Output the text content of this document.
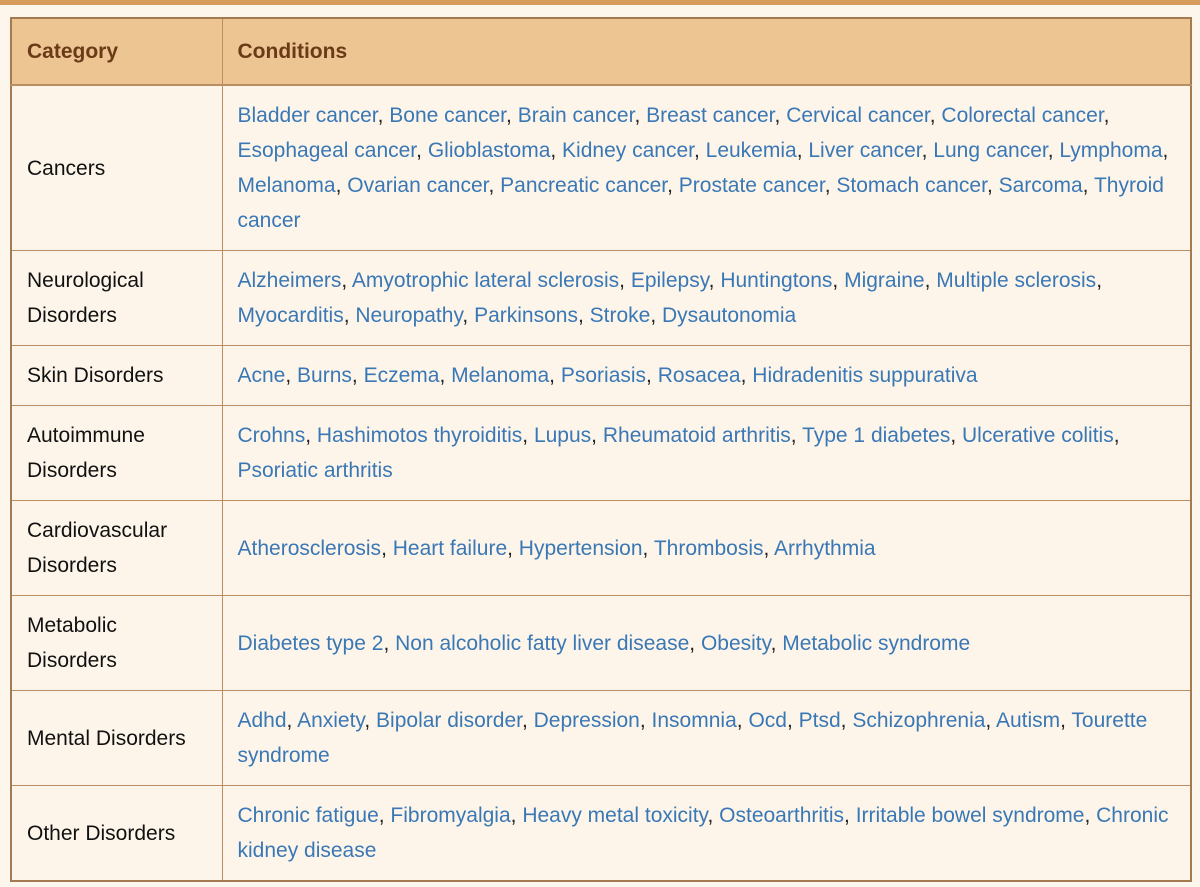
Category	Conditions
Cancers	Bladder cancer, Bone cancer, Brain cancer, Breast cancer, Cervical cancer, Colorectal cancer, Esophageal cancer, Glioblastoma, Kidney cancer, Leukemia, Liver cancer, Lung cancer, Lymphoma, Melanoma, Ovarian cancer, Pancreatic cancer, Prostate cancer, Stomach cancer, Sarcoma, Thyroid cancer
Neurological Disorders	Alzheimers, Amyotrophic lateral sclerosis, Epilepsy, Huntingtons, Migraine, Multiple sclerosis, Myocarditis, Neuropathy, Parkinsons, Stroke, Dysautonomia
Skin Disorders	Acne, Burns, Eczema, Melanoma, Psoriasis, Rosacea, Hidradenitis suppurativa
Autoimmune Disorders	Crohns, Hashimotos thyroiditis, Lupus, Rheumatoid arthritis, Type 1 diabetes, Ulcerative colitis, Psoriatic arthritis
Cardiovascular Disorders	Atherosclerosis, Heart failure, Hypertension, Thrombosis, Arrhythmia
Metabolic Disorders	Diabetes type 2, Non alcoholic fatty liver disease, Obesity, Metabolic syndrome
Mental Disorders	Adhd, Anxiety, Bipolar disorder, Depression, Insomnia, Ocd, Ptsd, Schizophrenia, Autism, Tourette syndrome
Other Disorders	Chronic fatigue, Fibromyalgia, Heavy metal toxicity, Osteoarthritis, Irritable bowel syndrome, Chronic kidney disease
